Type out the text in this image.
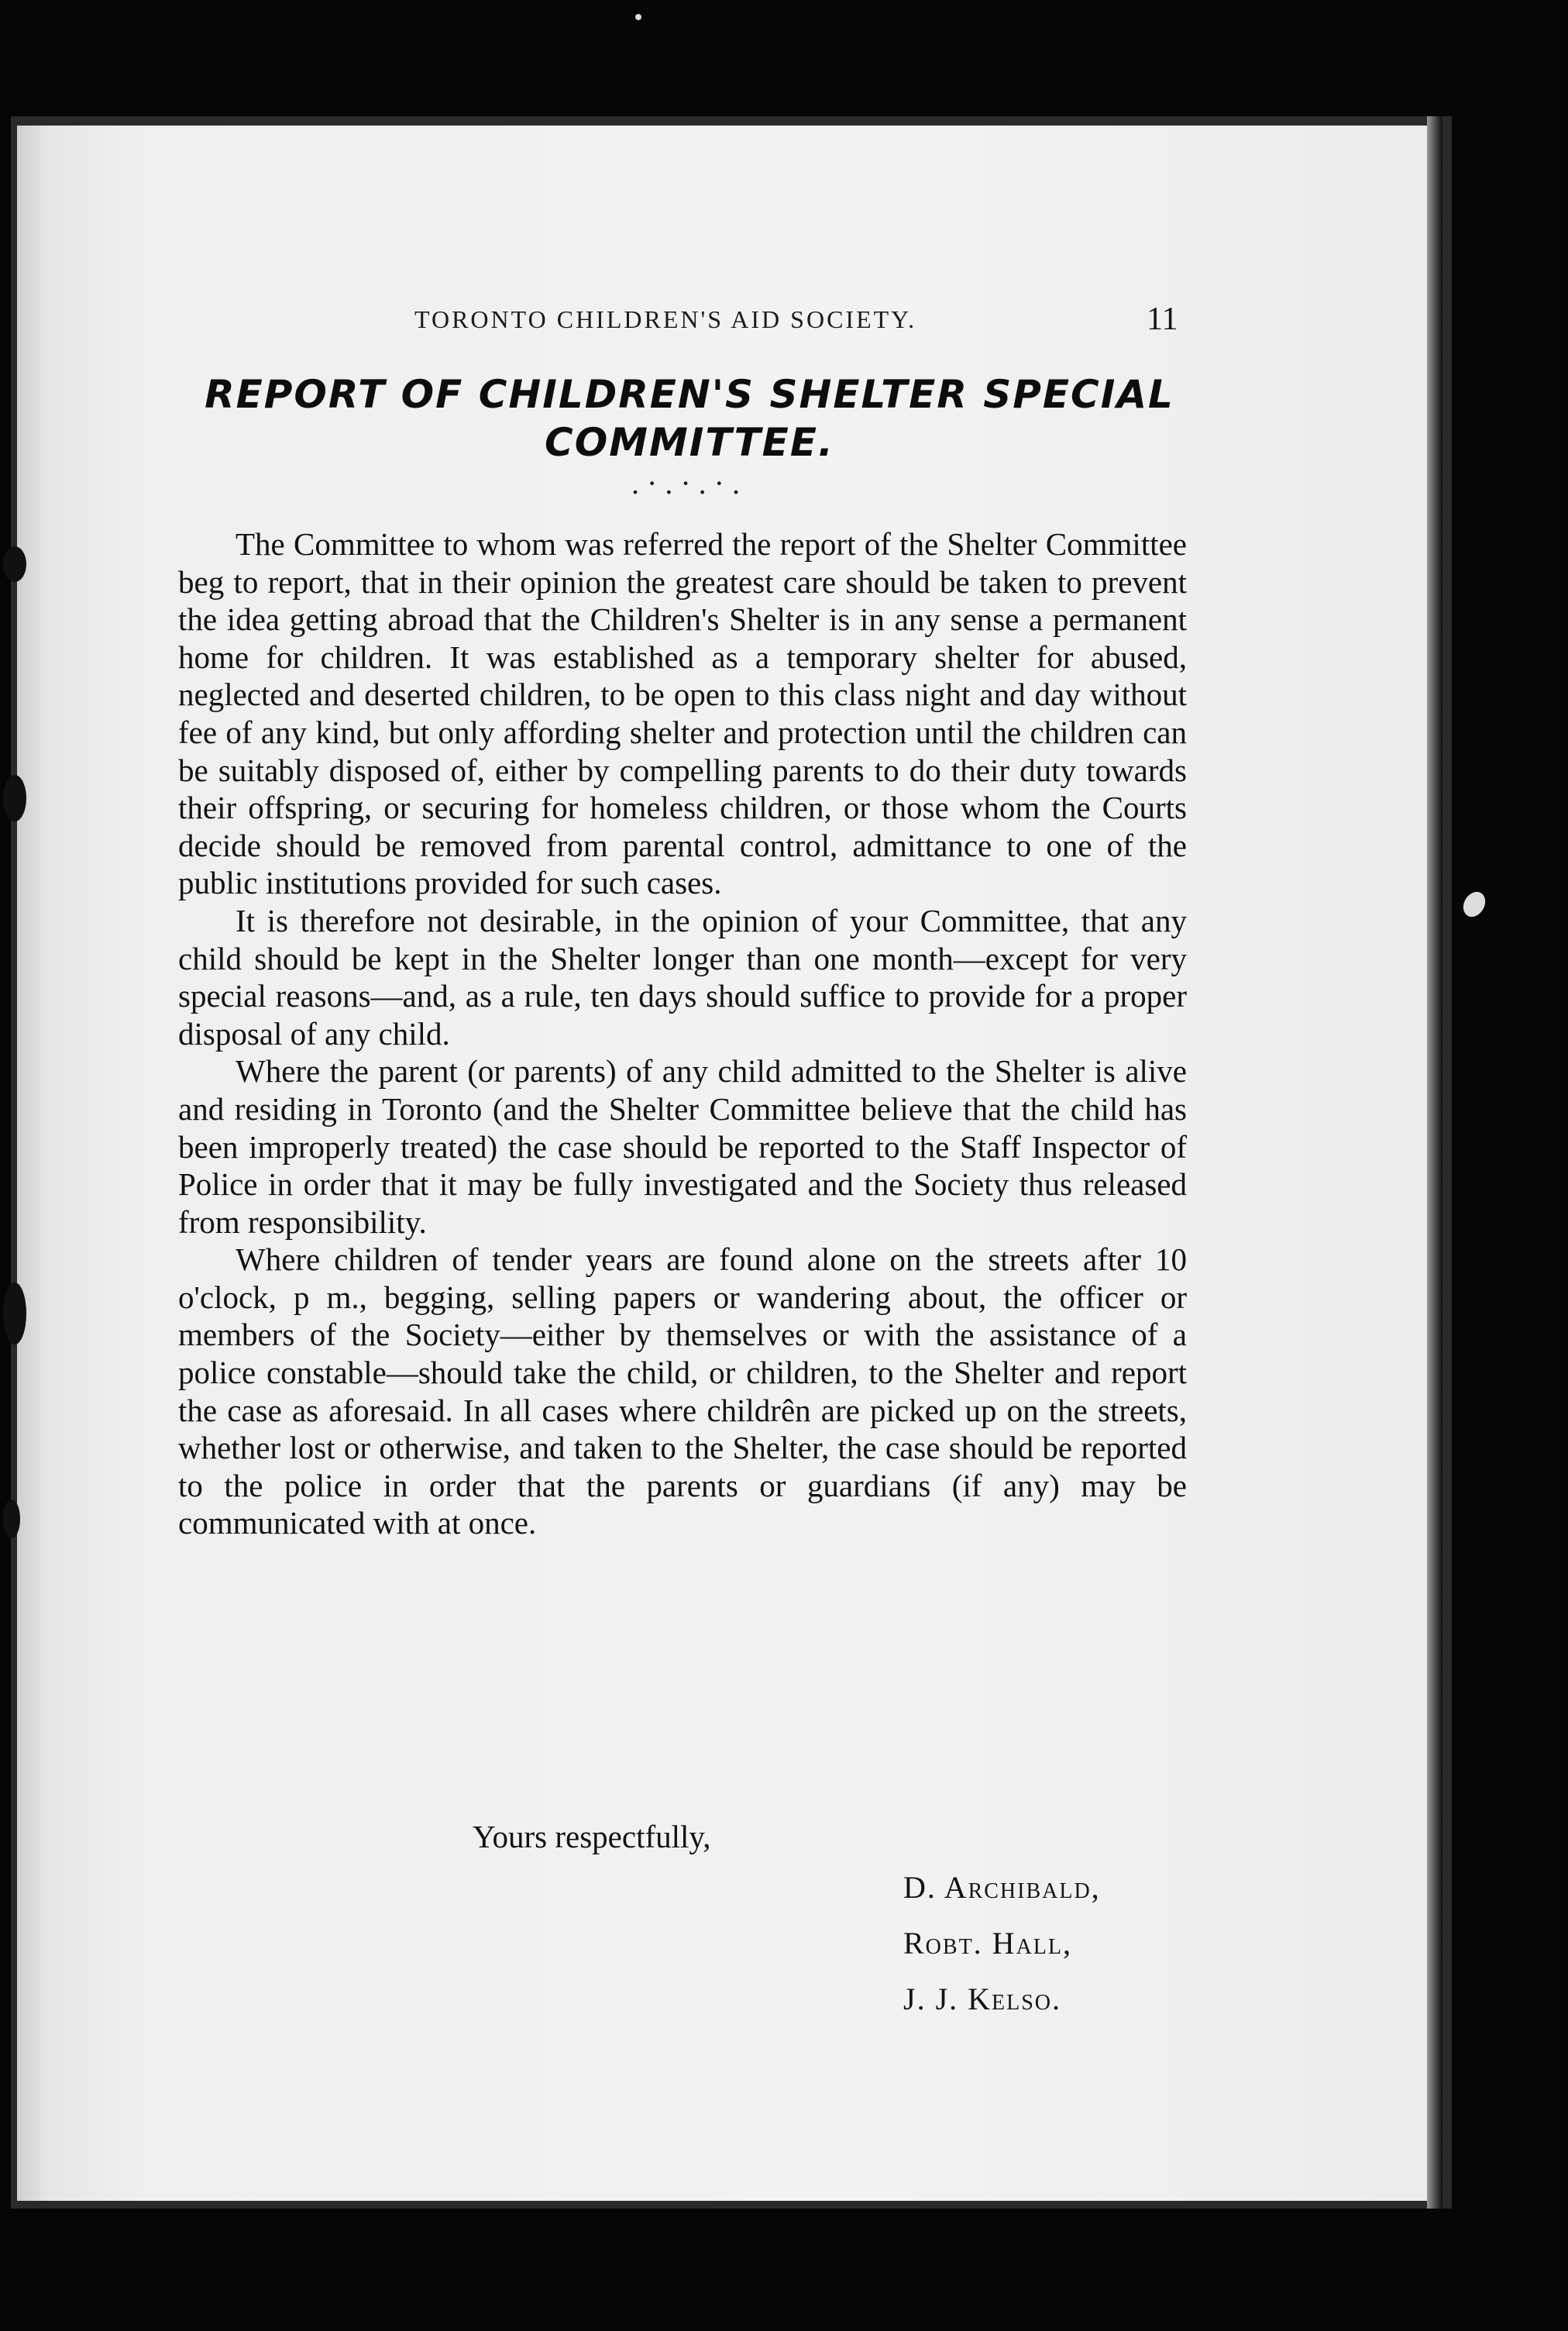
TORONTO CHILDREN'S AID SOCIETY.	11
REPORT OF CHILDREN'S SHELTER SPECIAL COMMITTEE.
.·.·.·.

The Committee to whom was referred the report of the Shelter Committee beg to report, that in their opinion the greatest care should be taken to prevent the idea getting abroad that the Children's Shelter is in any sense a permanent home for children. It was established as a temporary shelter for abused, neglected and deserted children, to be open to this class night and day without fee of any kind, but only affording shelter and protection until the children can be suitably disposed of, either by compelling parents to do their duty towards their offspring, or securing for homeless children, or those whom the Courts decide should be removed from parental control, admittance to one of the public institutions provided for such cases.

It is therefore not desirable, in the opinion of your Committee, that any child should be kept in the Shelter longer than one month—except for very special reasons—and, as a rule, ten days should suffice to provide for a proper disposal of any child.

Where the parent (or parents) of any child admitted to the Shelter is alive and residing in Toronto (and the Shelter Committee believe that the child has been improperly treated) the case should be reported to the Staff Inspector of Police in order that it may be fully investigated and the Society thus released from responsibility.

Where children of tender years are found alone on the streets after 10 o'clock, p m., begging, selling papers or wandering about, the officer or members of the Society—either by themselves or with the assistance of a police constable—should take the child, or children, to the Shelter and report the case as aforesaid. In all cases where childrên are picked up on the streets, whether lost or otherwise, and taken to the Shelter, the case should be reported to the police in order that the parents or guardians (if any) may be communicated with at once.

Yours respectfully,
D. Archibald,
Robt. Hall,
J. J. Kelso.
